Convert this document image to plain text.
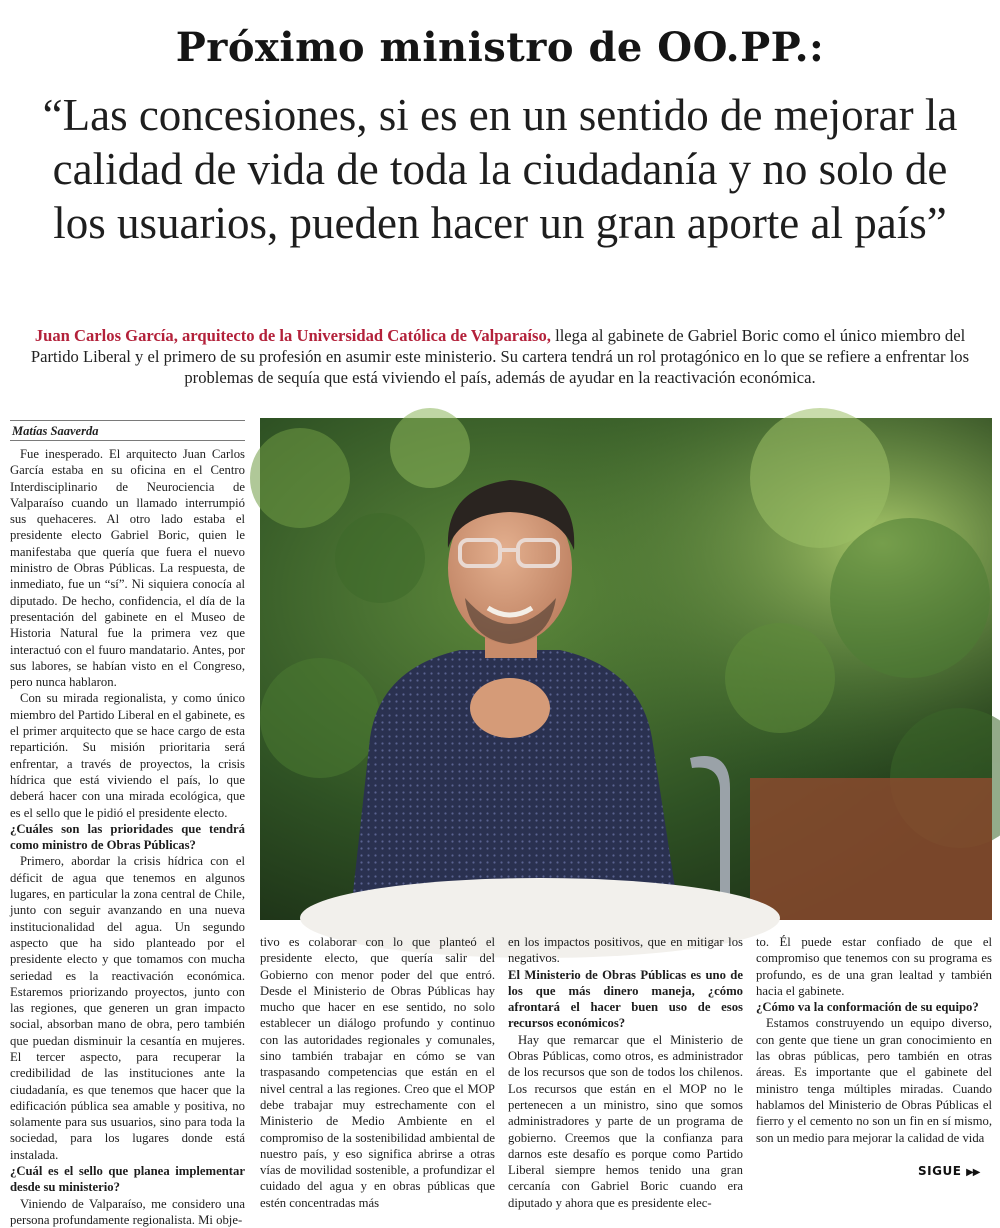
Próximo ministro de OO.PP.:
“Las concesiones, si es en un sentido de mejorar la calidad de vida de toda la ciudadanía y no solo de los usuarios, pueden hacer un gran aporte al país”
Juan Carlos García, arquitecto de la Universidad Católica de Valparaíso, llega al gabinete de Gabriel Boric como el único miembro del Partido Liberal y el primero de su profesión en asumir este ministerio. Su cartera tendrá un rol protagónico en lo que se refiere a enfrentar los problemas de sequía que está viviendo el país, además de ayudar en la reactivación económica.
Matías Saaverda

Fue inesperado. El arquitecto Juan Carlos García estaba en su oficina en el Centro Interdisciplinario de Neurociencia de Valparaíso cuando un llamado interrumpió sus quehaceres. Al otro lado estaba el presidente electo Gabriel Boric, quien le manifestaba que quería que fuera el nuevo ministro de Obras Públicas. La respuesta, de inmediato, fue un “sí”. Ni siquiera conocía al diputado. De hecho, confidencia, el día de la presentación del gabinete en el Museo de Historia Natural fue la primera vez que interactuó con el fuuro mandatario. Antes, por sus labores, se habían visto en el Congreso, pero nunca hablaron.

Con su mirada regionalista, y como único miembro del Partido Liberal en el gabinete, es el primer arquitecto que se hace cargo de esta repartición. Su misión prioritaria será enfrentar, a través de proyectos, la crisis hídrica que está viviendo el país, lo que deberá hacer con una mirada ecológica, que es el sello que le pidió el presidente electo.

¿Cuáles son las prioridades que tendrá como ministro de Obras Públicas?

Primero, abordar la crisis hídrica con el déficit de agua que tenemos en algunos lugares, en particular la zona central de Chile, junto con seguir avanzando en una nueva institucionalidad del agua. Un segundo aspecto que ha sido planteado por el presidente electo y que tomamos con mucha seriedad es la reactivación económica. Estaremos priorizando proyectos, junto con las regiones, que generen un gran impacto social, absorban mano de obra, pero también que puedan disminuir la cesantía en mujeres. El tercer aspecto, para recuperar la credibilidad de las instituciones ante la ciudadanía, es que tenemos que hacer que la edificación pública sea amable y positiva, no solamente para sus usuarios, sino para toda la sociedad, para los lugares donde está instalada.

¿Cuál es el sello que planea implementar desde su ministerio?

Viniendo de Valparaíso, me considero una persona profundamente regionalista. Mi obje-

tivo es colaborar con lo que planteó el presidente electo, que quería salir del Gobierno con menor poder del que entró. Desde el Ministerio de Obras Públicas hay mucho que hacer en ese sentido, no solo establecer un diálogo profundo y continuo con las autoridades regionales y comunales, sino también trabajar en cómo se van traspasando competencias que están en el nivel central a las regiones. Creo que el MOP debe trabajar muy estrechamente con el Ministerio de Medio Ambiente en el compromiso de la sostenibilidad ambiental de nuestro país, y eso significa abrirse a otras vías de movilidad sostenible, a profundizar el cuidado del agua y en obras públicas que estén concentradas más

en los impactos positivos, que en mitigar los negativos.

El Ministerio de Obras Públicas es uno de los que más dinero maneja, ¿cómo afrontará el hacer buen uso de esos recursos económicos?

Hay que remarcar que el Ministerio de Obras Públicas, como otros, es administrador de los recursos que son de todos los chilenos. Los recursos que están en el MOP no le pertenecen a un ministro, sino que somos administradores y parte de un programa de gobierno. Creemos que la confianza para darnos este desafío es porque como Partido Liberal siempre hemos tenido una gran cercanía con Gabriel Boric cuando era diputado y ahora que es presidente elec-

to. Él puede estar confiado de que el compromiso que tenemos con su programa es profundo, es de una gran lealtad y también hacia el gabinete.

¿Cómo va la conformación de su equipo?

Estamos construyendo un equipo diverso, con gente que tiene un gran conocimiento en las obras públicas, pero también en otras áreas. Es importante que el gabinete del ministro tenga múltiples miradas. Cuando hablamos del Ministerio de Obras Públicas el fierro y el cemento no son un fin en sí mismo, son un medio para mejorar la calidad de vida

SIGUE ▶▶
